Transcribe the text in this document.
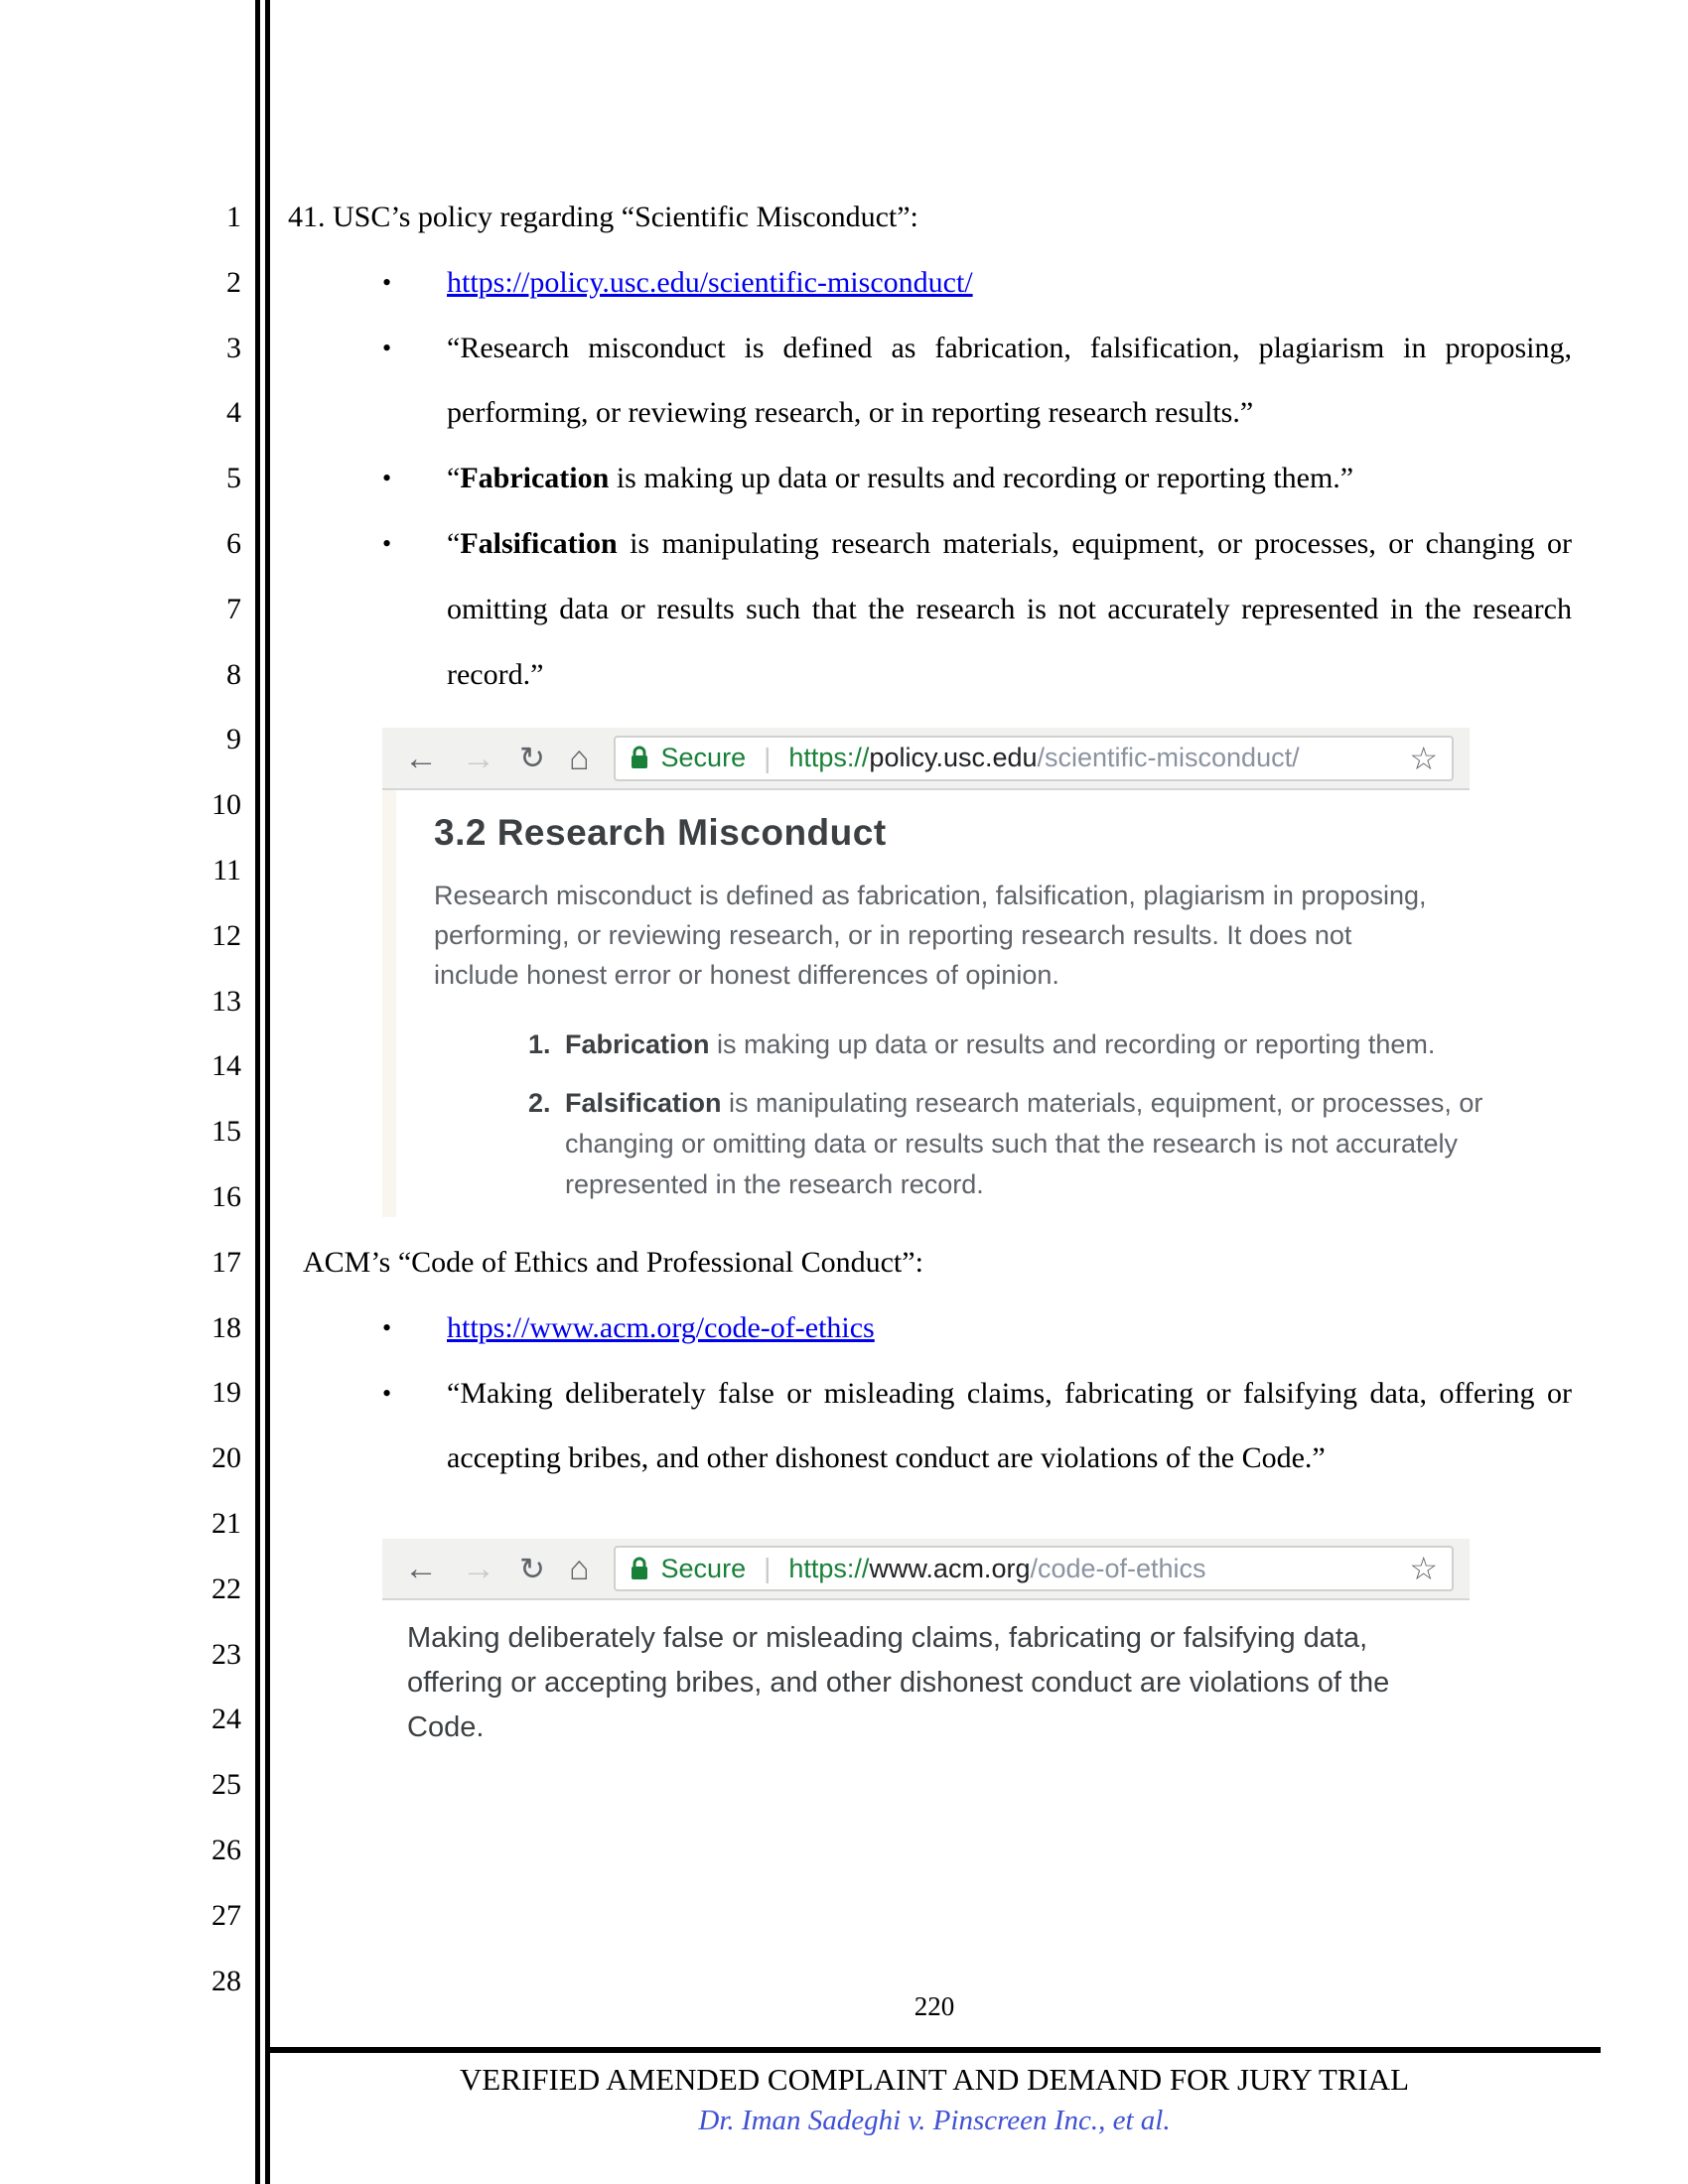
1
2
3
4
5
6
7
8
9
10
11
12
13
14
15
16
17
18
19
20
21
22
23
24
25
26
27
28

41. USC’s policy regarding “Scientific Misconduct”:

• https://policy.usc.edu/scientific-misconduct/

• “Research misconduct is defined as fabrication, falsification, plagiarism in proposing, performing, or reviewing research, or in reporting research results.”

• “Fabrication is making up data or results and recording or reporting them.”

• “Falsification is manipulating research materials, equipment, or processes, or changing or omitting data or results such that the research is not accurately represented in the research record.”

← → ↻ ⌂	Secure | https://policy.usc.edu/scientific-misconduct/	☆
3.2 Research Misconduct

Research misconduct is defined as fabrication, falsification, plagiarism in proposing, performing, or reviewing research, or in reporting research results. It does not include honest error or honest differences of opinion.

1. Fabrication is making up data or results and recording or reporting them.
2. Falsification is manipulating research materials, equipment, or processes, or changing or omitting data or results such that the research is not accurately represented in the research record.

ACM’s “Code of Ethics and Professional Conduct”:

• https://www.acm.org/code-of-ethics

• “Making deliberately false or misleading claims, fabricating or falsifying data, offering or accepting bribes, and other dishonest conduct are violations of the Code.”

← → ↻ ⌂	Secure | https://www.acm.org/code-of-ethics	☆

Making deliberately false or misleading claims, fabricating or falsifying data, offering or accepting bribes, and other dishonest conduct are violations of the Code.

220
VERIFIED AMENDED COMPLAINT AND DEMAND FOR JURY TRIAL
Dr. Iman Sadeghi v. Pinscreen Inc., et al.
